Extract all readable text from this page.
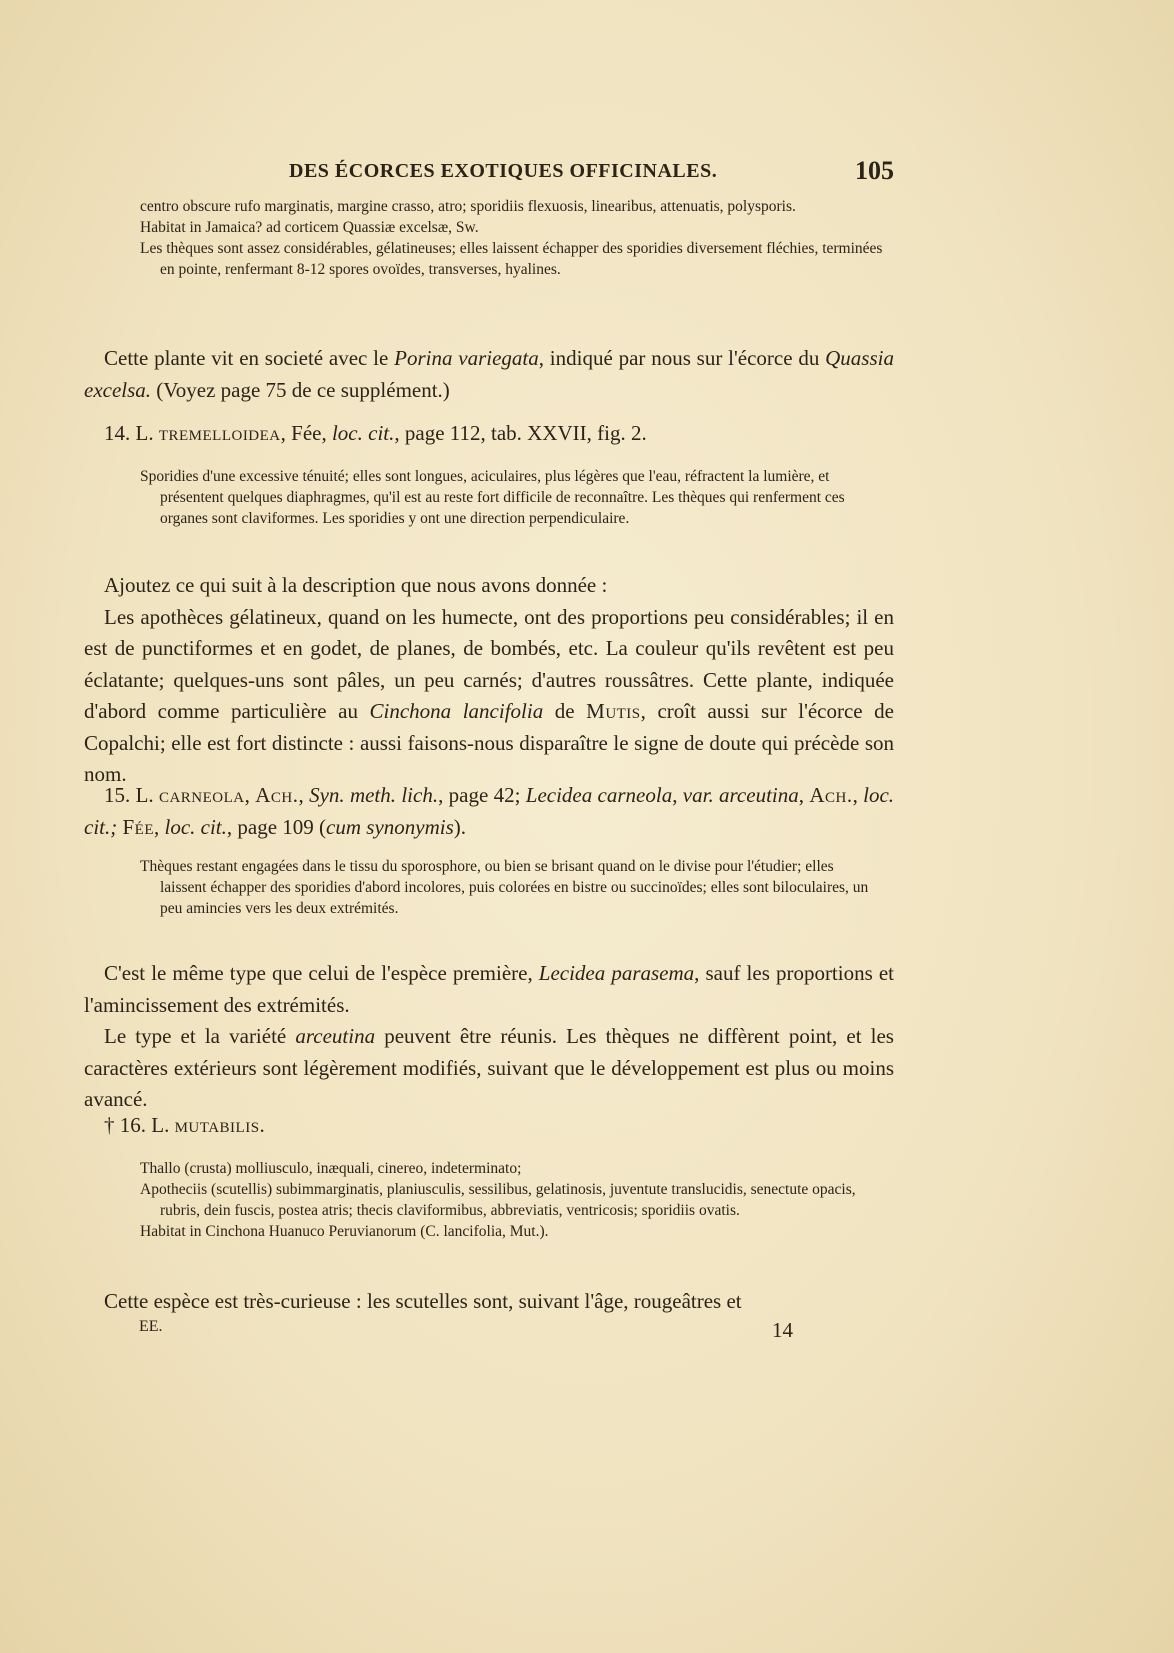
DES ÉCORCES EXOTIQUES OFFICINALES.	105

centro obscure rufo marginatis, margine crasso, atro; sporidiis flexuosis, linearibus, attenuatis, polysporis.

Habitat in Jamaica? ad corticem Quassiæ excelsæ, Sw.

Les thèques sont assez considérables, gélatineuses; elles laissent échapper des sporidies diversement fléchies, terminées en pointe, renfermant 8-12 spores ovoïdes, transverses, hyalines.

Cette plante vit en societé avec le Porina variegata, indiqué par nous sur l'écorce du Quassia excelsa. (Voyez page 75 de ce supplément.)

14. L. tremelloidea, Fée, loc. cit., page 112, tab. XXVII, fig. 2.

Sporidies d'une excessive ténuité; elles sont longues, aciculaires, plus légères que l'eau, réfractent la lumière, et présentent quelques diaphragmes, qu'il est au reste fort difficile de reconnaître. Les thèques qui renferment ces organes sont claviformes. Les sporidies y ont une direction perpendiculaire.

Ajoutez ce qui suit à la description que nous avons donnée :

Les apothèces gélatineux, quand on les humecte, ont des proportions peu considérables; il en est de punctiformes et en godet, de planes, de bombés, etc. La couleur qu'ils revêtent est peu éclatante; quelques-uns sont pâles, un peu carnés; d'autres roussâtres. Cette plante, indiquée d'abord comme particulière au Cinchona lancifolia de Mutis, croît aussi sur l'écorce de Copalchi; elle est fort distincte : aussi faisons-nous disparaître le signe de doute qui précède son nom.

15. L. carneola, Ach., Syn. meth. lich., page 42; Lecidea carneola, var. arceutina, Ach., loc. cit.; Fée, loc. cit., page 109 (cum synonymis).

Thèques restant engagées dans le tissu du sporosphore, ou bien se brisant quand on le divise pour l'étudier; elles laissent échapper des sporidies d'abord incolores, puis colorées en bistre ou succinoïdes; elles sont biloculaires, un peu amincies vers les deux extrémités.

C'est le même type que celui de l'espèce première, Lecidea parasema, sauf les proportions et l'amincissement des extrémités.

Le type et la variété arceutina peuvent être réunis. Les thèques ne diffèrent point, et les caractères extérieurs sont légèrement modifiés, suivant que le développement est plus ou moins avancé.

† 16. L. mutabilis.

Thallo (crusta) molliusculo, inæquali, cinereo, indeterminato;

Apotheciis (scutellis) subimmarginatis, planiusculis, sessilibus, gelatinosis, juventute translucidis, senectute opacis, rubris, dein fuscis, postea atris; thecis claviformibus, abbreviatis, ventricosis; sporidiis ovatis.

Habitat in Cinchona Huanuco Peruvianorum (C. lancifolia, Mut.).

Cette espèce est très-curieuse : les scutelles sont, suivant l'âge, rougeâtres et

EE.	14
